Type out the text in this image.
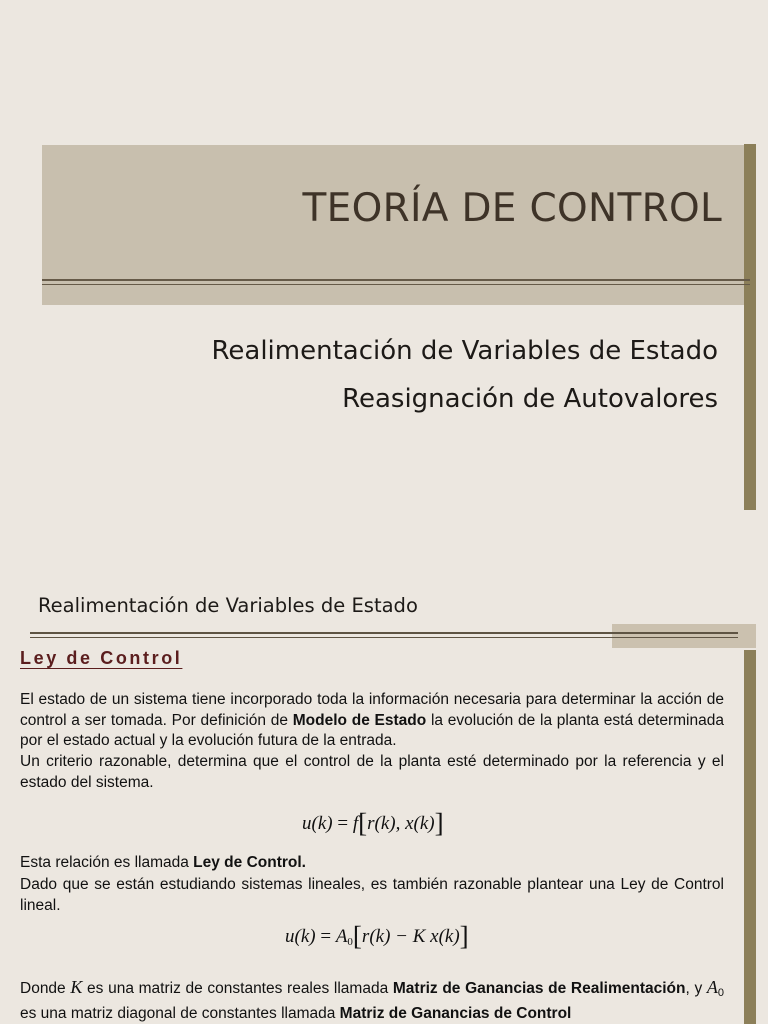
TEORÍA DE CONTROL
Realimentación de Variables de Estado
Reasignación de Autovalores
Realimentación de Variables de Estado
Ley de Control
El estado de un sistema tiene incorporado toda la información necesaria para determinar la acción de control a ser tomada. Por definición de Modelo de Estado la evolución de la planta está determinada por el estado actual y la evolución futura de la entrada.
Un criterio razonable, determina que el control de la planta esté determinado por la referencia y el estado del sistema.
u(k) = f[r(k), x(k)]
Esta relación es llamada Ley de Control.
Dado que se están estudiando sistemas lineales, es también razonable plantear una Ley de Control lineal.
$u(k) = A_0[r(k) - K$ x(k)]
Donde K es una matriz de constantes reales llamada Matriz de Ganancias de Realimentación, y $A_0$ es una matriz diagonal de constantes llamada Matriz de Ganancias de Control
